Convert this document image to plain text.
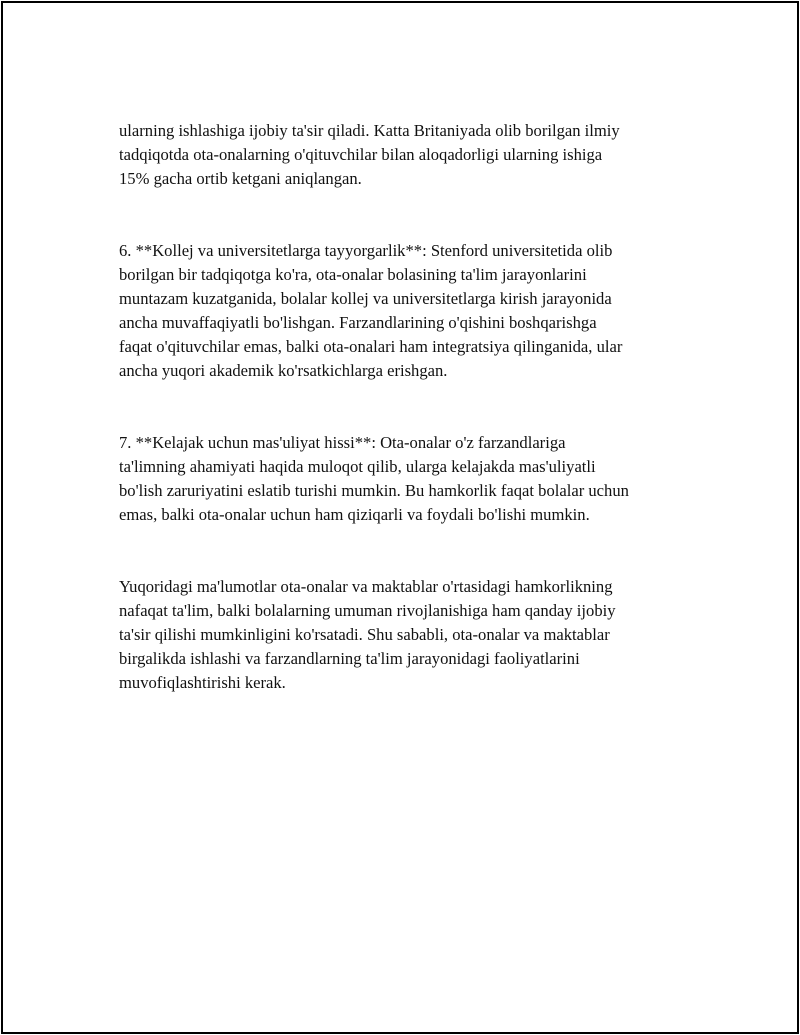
ularning ishlashiga ijobiy ta'sir qiladi. Katta Britaniyada olib borilgan ilmiy
tadqiqotda ota-onalarning o'qituvchilar bilan aloqadorligi ularning ishiga
15% gacha ortib ketgani aniqlangan.

6. **Kollej va universitetlarga tayyorgarlik**: Stenford universitetida olib
borilgan bir tadqiqotga ko'ra, ota-onalar bolasining ta'lim jarayonlarini
muntazam kuzatganida, bolalar kollej va universitetlarga kirish jarayonida
ancha muvaffaqiyatli bo'lishgan. Farzandlarining o'qishini boshqarishga
faqat o'qituvchilar emas, balki ota-onalari ham integratsiya qilinganida, ular
ancha yuqori akademik ko'rsatkichlarga erishgan.

7. **Kelajak uchun mas'uliyat hissi**: Ota-onalar o'z farzandlariga
ta'limning ahamiyati haqida muloqot qilib, ularga kelajakda mas'uliyatli
bo'lish zaruriyatini eslatib turishi mumkin. Bu hamkorlik faqat bolalar uchun
emas, balki ota-onalar uchun ham qiziqarli va foydali bo'lishi mumkin.

Yuqoridagi ma'lumotlar ota-onalar va maktablar o'rtasidagi hamkorlikning
nafaqat ta'lim, balki bolalarning umuman rivojlanishiga ham qanday ijobiy
ta'sir qilishi mumkinligini ko'rsatadi. Shu sababli, ota-onalar va maktablar
birgalikda ishlashi va farzandlarning ta'lim jarayonidagi faoliyatlarini
muvofiqlashtirishi kerak.
